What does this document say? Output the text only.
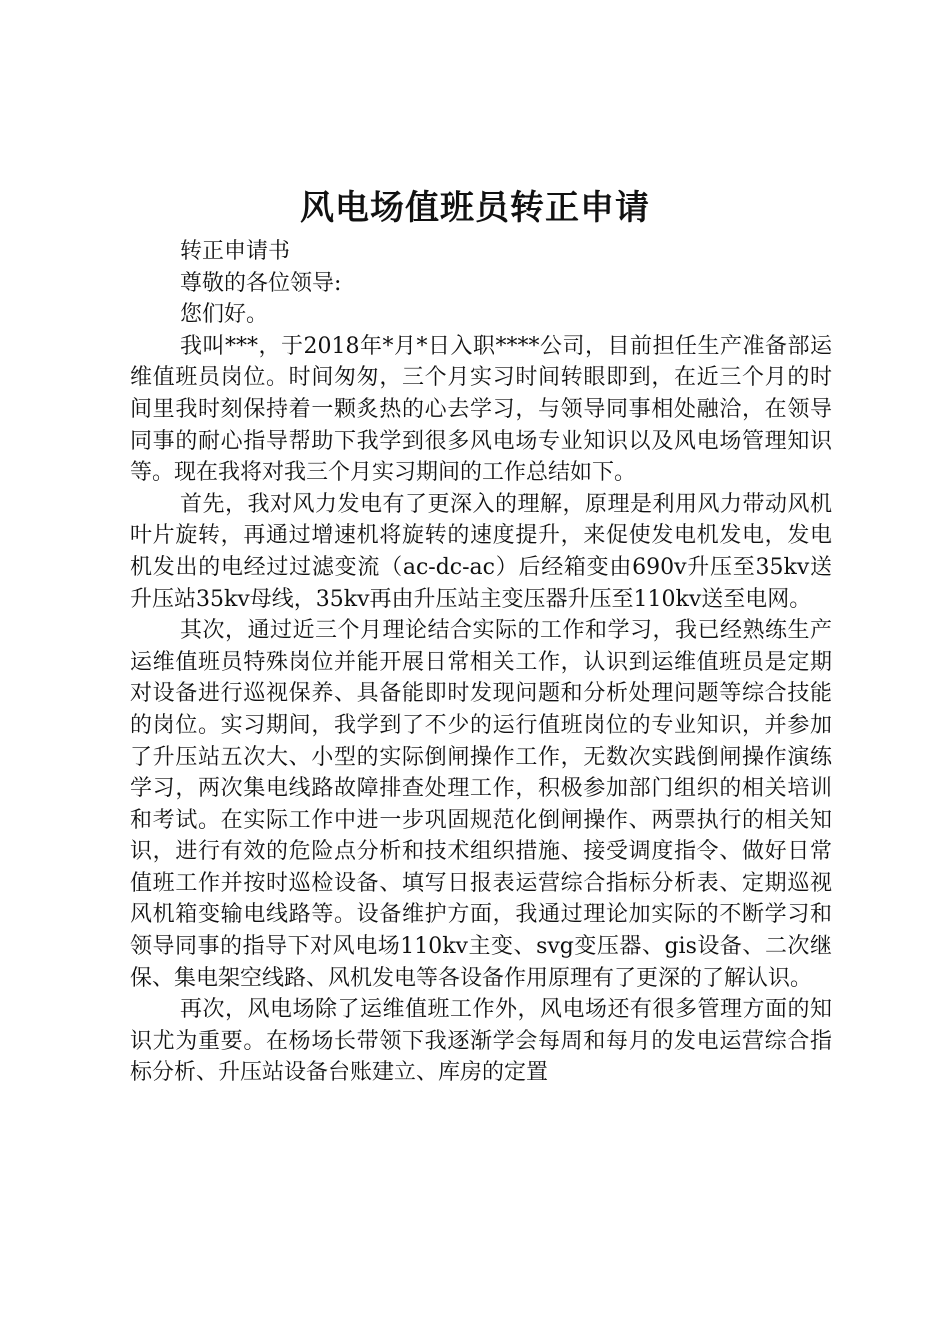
风电场值班员转正申请

转正申请书

尊敬的各位领导:

您们好。

我叫***，于2018年*月*日入职****公司，目前担任生产准备部运维值班员岗位。时间匆匆，三个月实习时间转眼即到，在近三个月的时间里我时刻保持着一颗炙热的心去学习，与领导同事相处融洽，在领导同事的耐心指导帮助下我学到很多风电场专业知识以及风电场管理知识等。现在我将对我三个月实习期间的工作总结如下。

首先，我对风力发电有了更深入的理解，原理是利用风力带动风机叶片旋转，再通过增速机将旋转的速度提升，来促使发电机发电，发电机发出的电经过过滤变流（ac-dc-ac）后经箱变由690v升压至35kv送升压站35kv母线，35kv再由升压站主变压器升压至110kv送至电网。

其次，通过近三个月理论结合实际的工作和学习，我已经熟练生产运维值班员特殊岗位并能开展日常相关工作，认识到运维值班员是定期对设备进行巡视保养、具备能即时发现问题和分析处理问题等综合技能的岗位。实习期间，我学到了不少的运行值班岗位的专业知识，并参加了升压站五次大、小型的实际倒闸操作工作，无数次实践倒闸操作演练学习，两次集电线路故障排查处理工作，积极参加部门组织的相关培训和考试。在实际工作中进一步巩固规范化倒闸操作、两票执行的相关知识，进行有效的危险点分析和技术组织措施、接受调度指令、做好日常值班工作并按时巡检设备、填写日报表运营综合指标分析表、定期巡视风机箱变输电线路等。设备维护方面，我通过理论加实际的不断学习和领导同事的指导下对风电场110kv主变、svg变压器、gis设备、二次继保、集电架空线路、风机发电等各设备作用原理有了更深的了解认识。

再次，风电场除了运维值班工作外，风电场还有很多管理方面的知识尤为重要。在杨场长带领下我逐渐学会每周和每月的发电运营综合指标分析、升压站设备台账建立、库房的定置
